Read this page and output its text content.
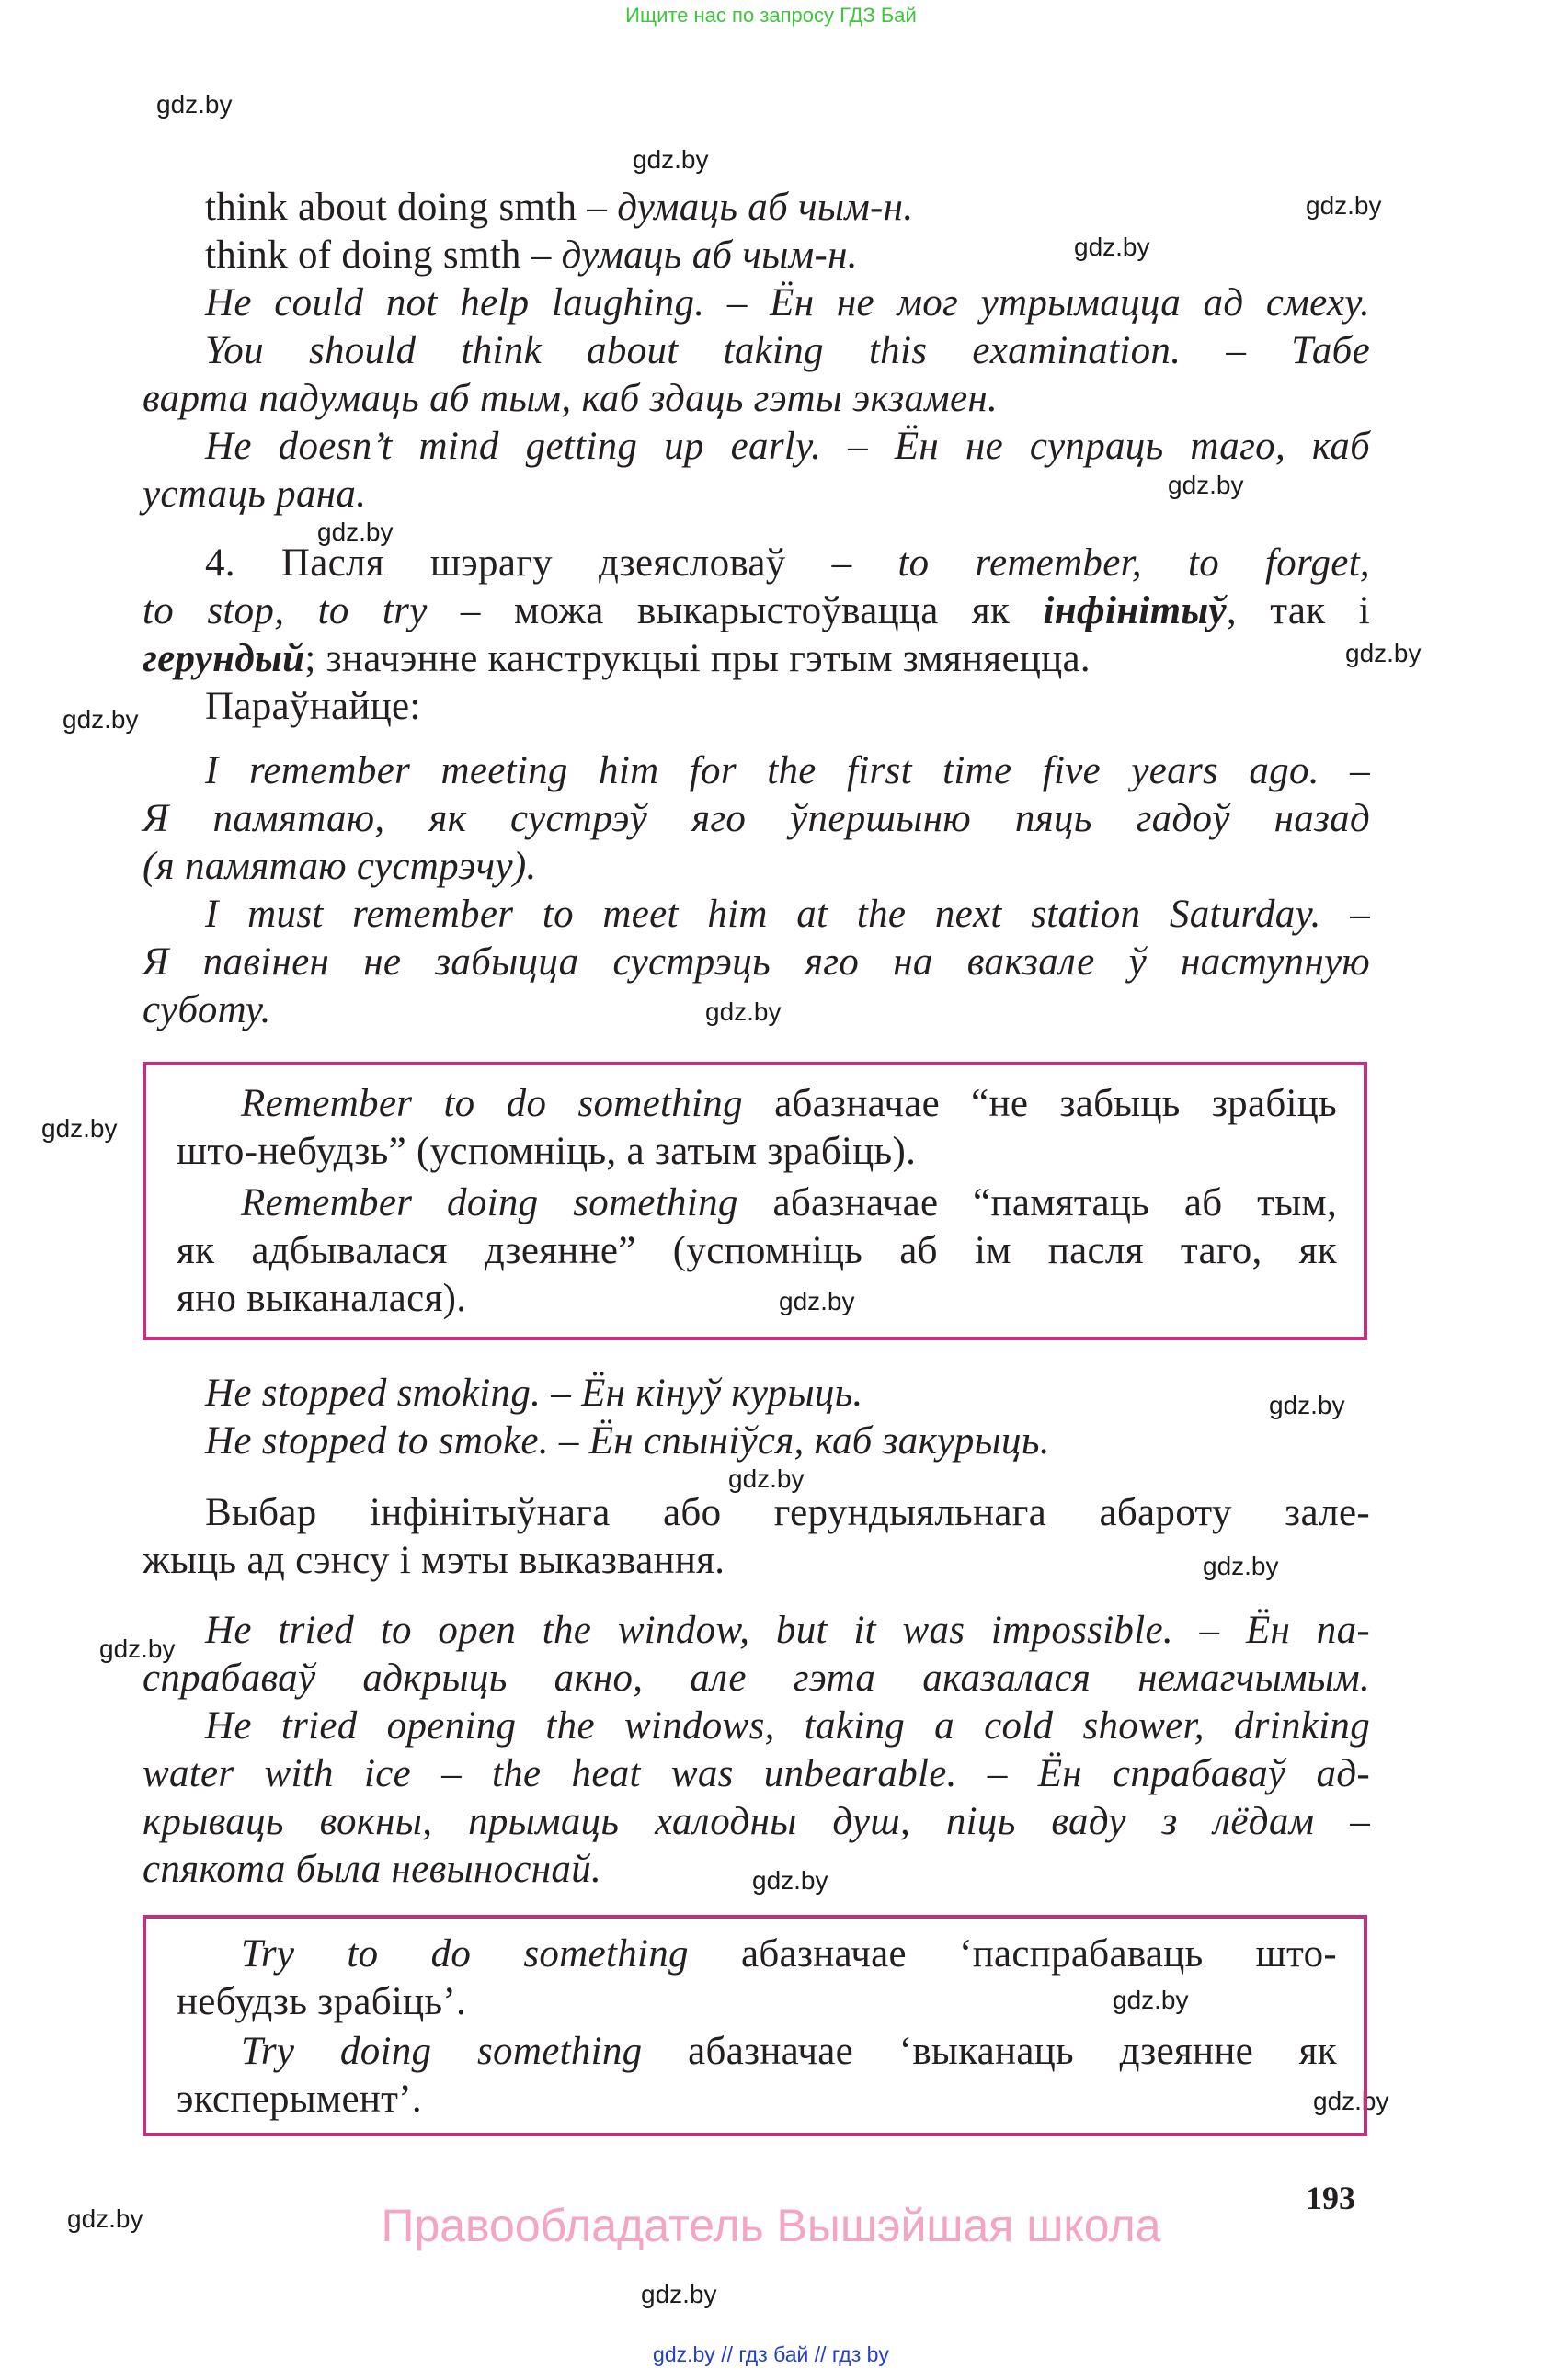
Ищите нас по запросу ГДЗ Бай
gdz.by
gdz.by
gdz.by
gdz.by
gdz.by
gdz.by
gdz.by
gdz.by
gdz.by
gdz.by
gdz.by
gdz.by
gdz.by
gdz.by
gdz.by
gdz.by
gdz.by
gdz.by
gdz.by
gdz.by
think about doing smth – думаць аб чым-н.
think of doing smth – думаць аб чым-н.
He could not help laughing. – Ён не мог утрымацца ад смеху.
You should think about taking this examination. – Табе
варта падумаць аб тым, каб здаць гэты экзамен.
He doesn’t mind getting up early. – Ён не супраць таго, каб
устаць рана.
4. Пасля шэрагу дзеясловаў – to remember, to forget,
to stop, to try – можа выкарыстоўвацца як інфінітыў, так і
герундый; значэнне канструкцыі пры гэтым змяняецца.
Параўнайце:
I remember meeting him for the first time five years ago. –
Я памятаю, як сустрэў яго ўпершыню пяць гадоў назад
(я памятаю сустрэчу).
I must remember to meet him at the next station Saturday. –
Я павінен не забыцца сустрэць яго на вакзале ў наступную
суботу.
Remember to do something абазначае “не забыць зрабіць
што-небудзь” (успомніць, а затым зрабіць).
Remember doing something абазначае “памятаць аб тым,
як адбывалася дзеянне” (успомніць аб ім пасля таго, як
яно выканалася).
He stopped smoking. – Ён кінуў курыць.
He stopped to smoke. – Ён спыніўся, каб закурыць.
Выбар інфінітыўнага або герундыяльнага абароту зале-
жыць ад сэнсу і мэты выказвання.
He tried to open the window, but it was impossible. – Ён па-
спрабаваў адкрыць акно, але гэта аказалася немагчымым.
He tried opening the windows, taking a cold shower, drinking
water with ice – the heat was unbearable. – Ён спрабаваў ад-
крываць вокны, прымаць халодны душ, піць ваду з лёдам –
спякота была невыноснай.
Try to do something абазначае ‘паспрабаваць што-
небудзь зрабіць’.
Try doing something абазначае ‘выканаць дзеянне як
эксперымент’.
193
Правообладатель Вышэйшая школа
gdz.by // гдз бай // гдз by
